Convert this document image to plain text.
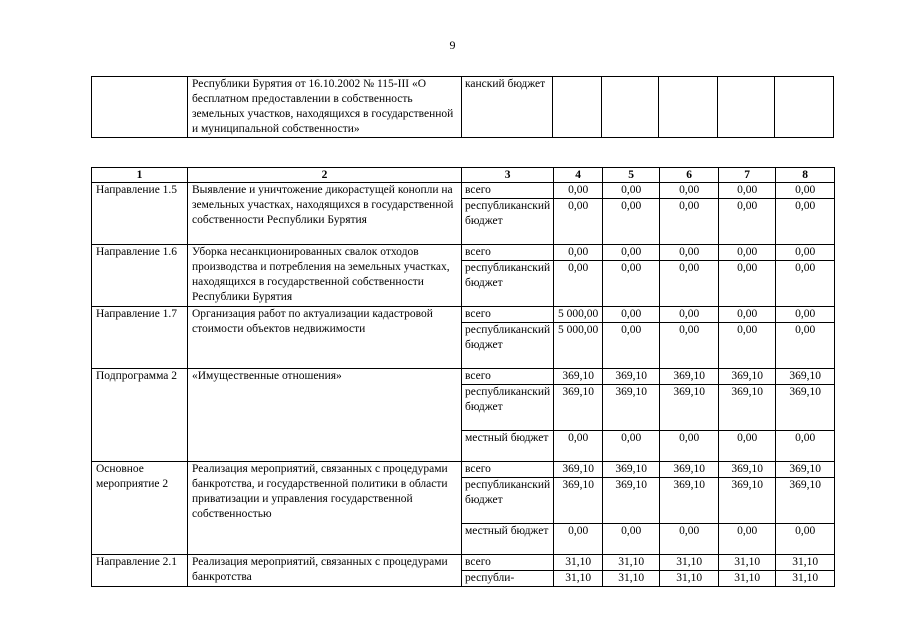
9
	Республики Бурятия от 16.10.2002 № 115-III «О бесплатном предоставлении в собственность земельных участков, находящихся в государственной и муниципальной собственности»	канский бюджет					
1	2	3	4	5	6	7	8
Направление 1.5	Выявление и уничтожение дикорастущей конопли на земельных участках, находящихся в государственной собственности Республики Бурятия	всего	0,00	0,00	0,00	0,00	0,00
		республиканский бюджет	0,00	0,00	0,00	0,00	0,00
Направление 1.6	Уборка несанкционированных свалок отходов производства и потребления на земельных участках, находящихся в государственной собственности Республики Бурятия	всего	0,00	0,00	0,00	0,00	0,00
		республиканский бюджет	0,00	0,00	0,00	0,00	0,00
Направление 1.7	Организация работ по актуализации кадастровой стоимости объектов недвижимости	всего	5 000,00	0,00	0,00	0,00	0,00
		республиканский бюджет	5 000,00	0,00	0,00	0,00	0,00
Подпрограмма 2	«Имущественные отношения»	всего	369,10	369,10	369,10	369,10	369,10
		республиканский бюджет	369,10	369,10	369,10	369,10	369,10
		местный бюджет	0,00	0,00	0,00	0,00	0,00
Основное мероприятие 2	Реализация мероприятий, связанных с процедурами банкротства, и государственной политики в области приватизации и управления государственной собственностью	всего	369,10	369,10	369,10	369,10	369,10
		республиканский бюджет	369,10	369,10	369,10	369,10	369,10
		местный бюджет	0,00	0,00	0,00	0,00	0,00
Направление 2.1	Реализация мероприятий, связанных с процедурами банкротства	всего	31,10	31,10	31,10	31,10	31,10
		республи-	31,10	31,10	31,10	31,10	31,10
